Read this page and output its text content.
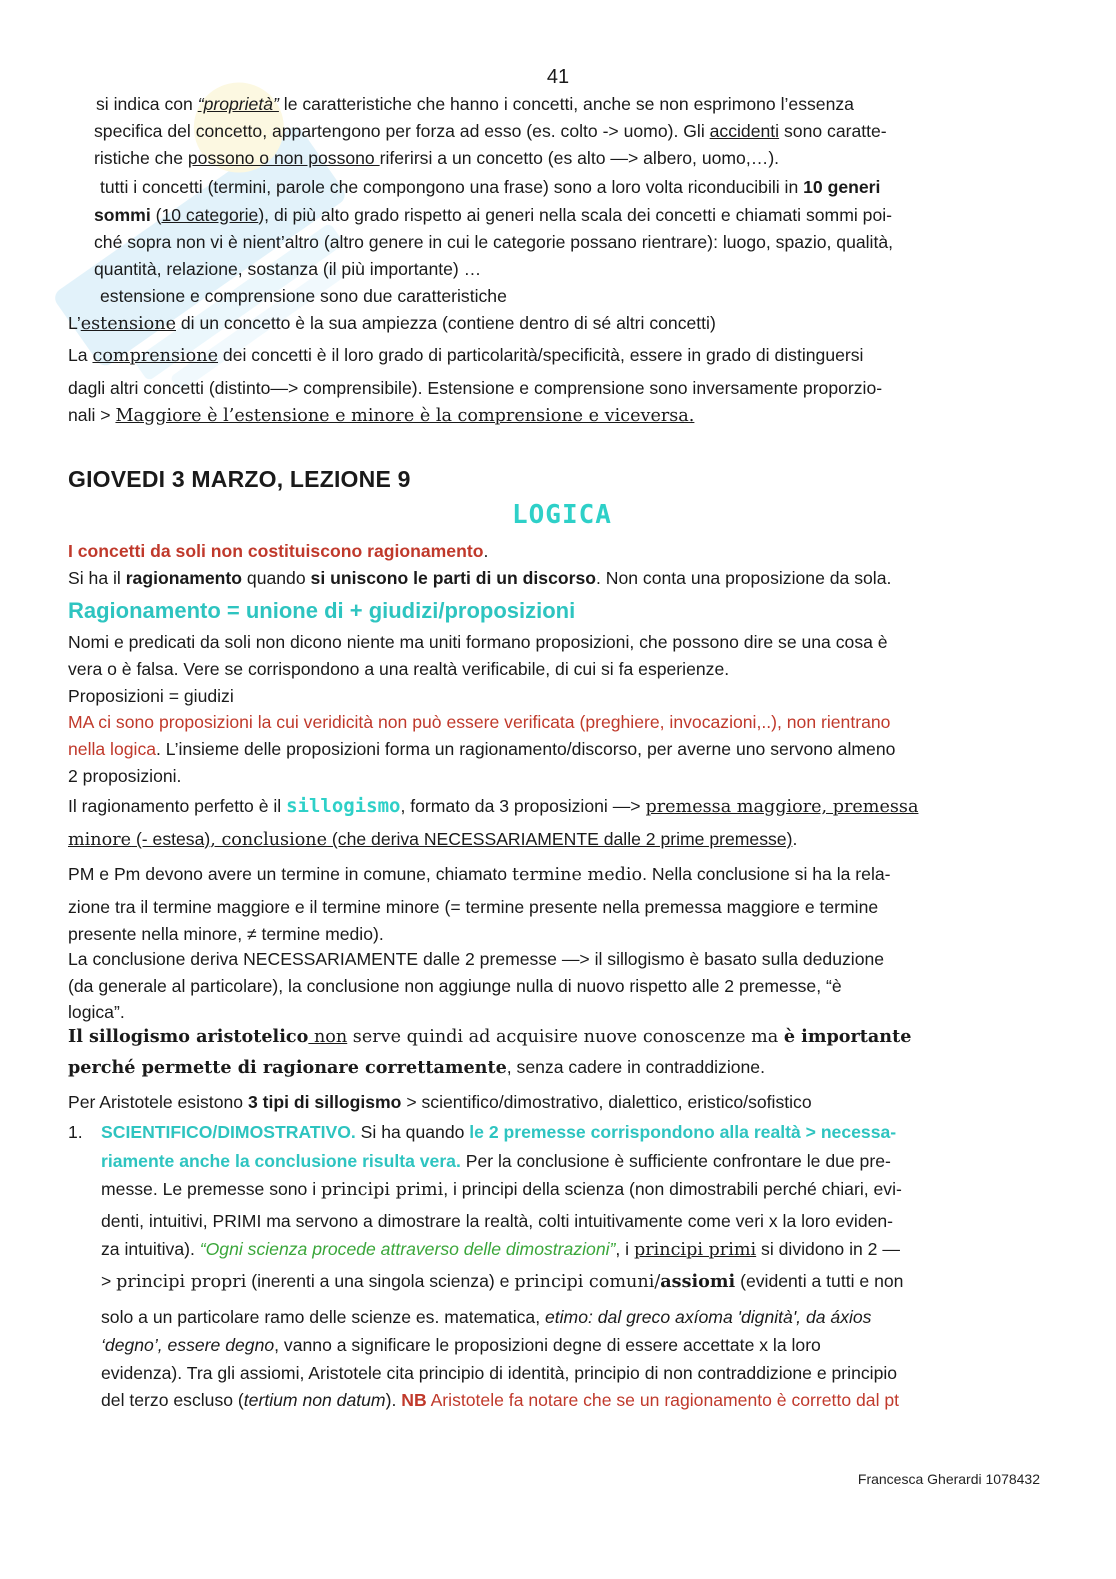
41
si indica con “proprietà” le caratteristiche che hanno i concetti, anche se non esprimono l’essenza
specifica del concetto, appartengono per forza ad esso (es. colto -> uomo). Gli accidenti sono caratte-
ristiche che possono o non possono riferirsi a un concetto (es alto —> albero, uomo,…).
tutti i concetti (termini, parole che compongono una frase) sono a loro volta riconducibili in 10 generi
sommi (10 categorie), di più alto grado rispetto ai generi nella scala dei concetti e chiamati sommi poi-
ché sopra non vi è nient’altro (altro genere in cui le categorie possano rientrare): luogo, spazio, qualità,
quantità, relazione, sostanza (il più importante) …
estensione e comprensione sono due caratteristiche
L’estensione di un concetto è la sua ampiezza (contiene dentro di sé altri concetti)
La comprensione dei concetti è il loro grado di particolarità/specificità, essere in grado di distinguersi
dagli altri concetti (distinto—> comprensibile). Estensione e comprensione sono inversamente proporzio-
nali > Maggiore è l’estensione e minore è la comprensione e viceversa.
GIOVEDI 3 MARZO, LEZIONE 9
LOGICA
I concetti da soli non costituiscono ragionamento.
Si ha il ragionamento quando si uniscono le parti di un discorso. Non conta una proposizione da sola.
Ragionamento = unione di + giudizi/proposizioni
Nomi e predicati da soli non dicono niente ma uniti formano proposizioni, che possono dire se una cosa è
vera o è falsa. Vere se corrispondono a una realtà verificabile, di cui si fa esperienze.
Proposizioni = giudizi
MA ci sono proposizioni la cui veridicità non può essere verificata (preghiere, invocazioni,..), non rientrano
nella logica. L’insieme delle proposizioni forma un ragionamento/discorso, per averne uno servono almeno
2 proposizioni.
Il ragionamento perfetto è il sillogismo, formato da 3 proposizioni —> premessa maggiore, premessa
minore (- estesa), conclusione (che deriva NECESSARIAMENTE dalle 2 prime premesse).
PM e Pm devono avere un termine in comune, chiamato termine medio. Nella conclusione si ha la rela-
zione tra il termine maggiore e il termine minore (= termine presente nella premessa maggiore e termine
presente nella minore, ≠ termine medio).
La conclusione deriva NECESSARIAMENTE dalle 2 premesse —> il sillogismo è basato sulla deduzione
(da generale al particolare), la conclusione non aggiunge nulla di nuovo rispetto alle 2 premesse, “è
logica”.
Il sillogismo aristotelico non serve quindi ad acquisire nuove conoscenze ma è importante
perché permette di ragionare correttamente, senza cadere in contraddizione.
Per Aristotele esistono 3 tipi di sillogismo > scientifico/dimostrativo, dialettico, eristico/sofistico
1. SCIENTIFICO/DIMOSTRATIVO. Si ha quando le 2 premesse corrispondono alla realtà > necessa-
riamente anche la conclusione risulta vera. Per la conclusione è sufficiente confrontare le due pre-
messe. Le premesse sono i principi primi, i principi della scienza (non dimostrabili perché chiari, evi-
denti, intuitivi, PRIMI ma servono a dimostrare la realtà, colti intuitivamente come veri x la loro eviden-
za intuitiva). “Ogni scienza procede attraverso delle dimostrazioni”, i principi primi si dividono in 2 —
> principi propri (inerenti a una singola scienza) e principi comuni/assiomi (evidenti a tutti e non
solo a un particolare ramo delle scienze es. matematica, etimo: dal greco axíoma 'dignità', da áxios
‘degno’, essere degno, vanno a significare le proposizioni degne di essere accettate x la loro
evidenza). Tra gli assiomi, Aristotele cita principio di identità, principio di non contraddizione e principio
del terzo escluso (tertium non datum). NB Aristotele fa notare che se un ragionamento è corretto dal pt
Francesca Gherardi 1078432
